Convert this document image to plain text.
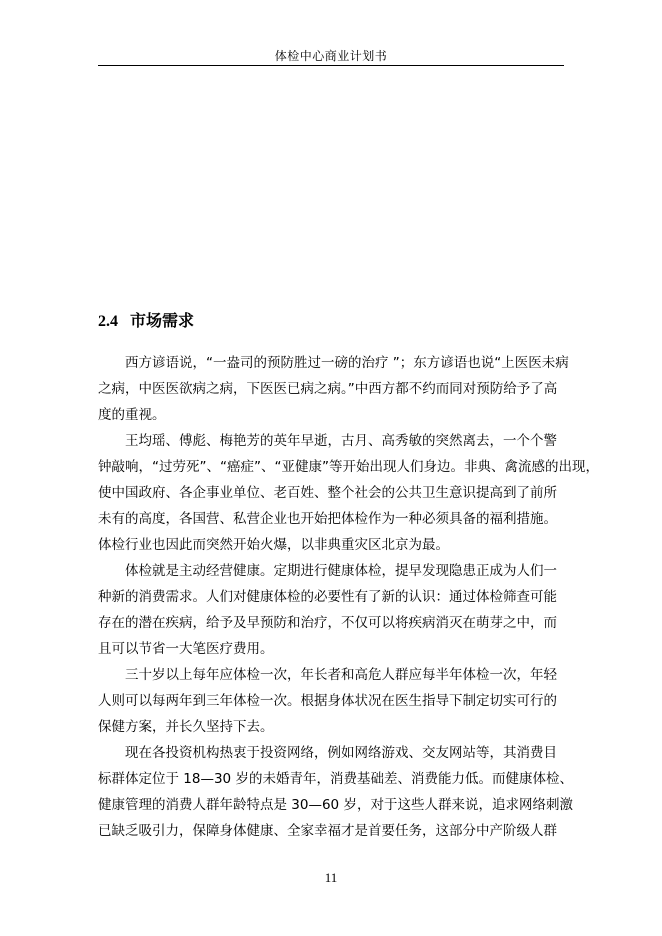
体检中心商业计划书
2.4 市场需求
西方谚语说，“一盎司的预防胜过一磅的治疗 ”；东方谚语也说“上医医未病
之病，中医医欲病之病，下医医已病之病。”中西方都不约而同对预防给予了高
度的重视。
王均瑶、傅彪、梅艳芳的英年早逝，古月、高秀敏的突然离去，一个个警
钟敲响，“过劳死”、“癌症”、“亚健康”等开始出现人们身边。非典、禽流感的出现，
使中国政府、各企事业单位、老百姓、整个社会的公共卫生意识提高到了前所
未有的高度，各国营、私营企业也开始把体检作为一种必须具备的福利措施。
体检行业也因此而突然开始火爆，以非典重灾区北京为最。
体检就是主动经营健康。定期进行健康体检，提早发现隐患正成为人们一
种新的消费需求。人们对健康体检的必要性有了新的认识：通过体检筛查可能
存在的潜在疾病，给予及早预防和治疗，不仅可以将疾病消灭在萌芽之中，而
且可以节省一大笔医疗费用。
三十岁以上每年应体检一次，年长者和高危人群应每半年体检一次，年轻
人则可以每两年到三年体检一次。根据身体状况在医生指导下制定切实可行的
保健方案，并长久坚持下去。
现在各投资机构热衷于投资网络，例如网络游戏、交友网站等，其消费目
标群体定位于 18—30 岁的未婚青年，消费基础差、消费能力低。而健康体检、
健康管理的消费人群年龄特点是 30—60 岁，对于这些人群来说，追求网络刺激
已缺乏吸引力，保障身体健康、全家幸福才是首要任务，这部分中产阶级人群
11
